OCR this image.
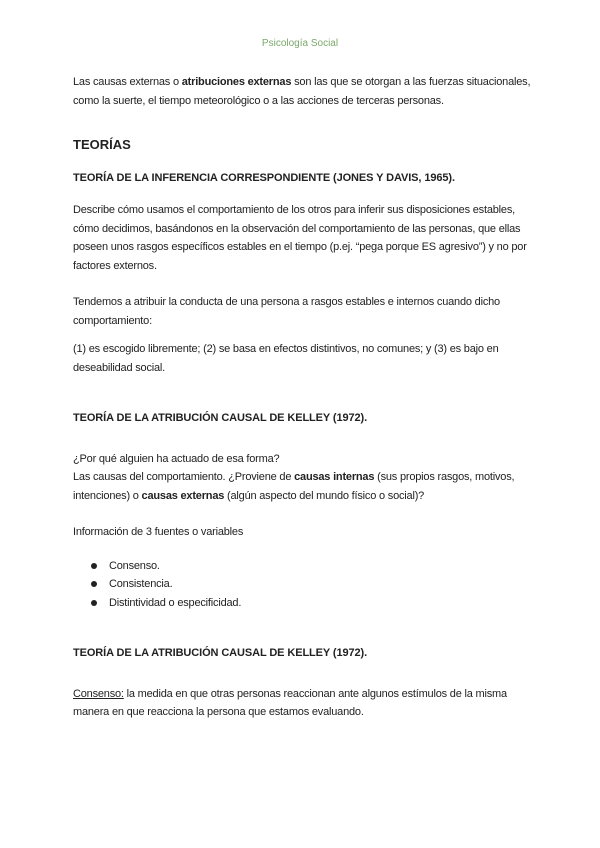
Psicología Social

Las causas externas o atribuciones externas son las que se otorgan a las fuerzas situacionales, como la suerte, el tiempo meteorológico o a las acciones de terceras personas.

TEORÍAS

TEORÍA DE LA INFERENCIA CORRESPONDIENTE (JONES Y DAVIS, 1965).

Describe cómo usamos el comportamiento de los otros para inferir sus disposiciones estables, cómo decidimos, basándonos en la observación del comportamiento de las personas, que ellas poseen unos rasgos específicos estables en el tiempo (p.ej. “pega porque ES agresivo”) y no por factores externos.

Tendemos a atribuir la conducta de una persona a rasgos estables e internos cuando dicho comportamiento:

(1) es escogido libremente; (2) se basa en efectos distintivos, no comunes; y (3) es bajo en deseabilidad social.

TEORÍA DE LA ATRIBUCIÓN CAUSAL DE KELLEY (1972).

¿Por qué alguien ha actuado de esa forma?

Las causas del comportamiento. ¿Proviene de causas internas (sus propios rasgos, motivos, intenciones) o causas externas (algún aspecto del mundo físico o social)?

Información de 3 fuentes o variables

Consenso.
Consistencia.
Distintividad o especificidad.

TEORÍA DE LA ATRIBUCIÓN CAUSAL DE KELLEY (1972).

Consenso: la medida en que otras personas reaccionan ante algunos estímulos de la misma manera en que reacciona la persona que estamos evaluando.
